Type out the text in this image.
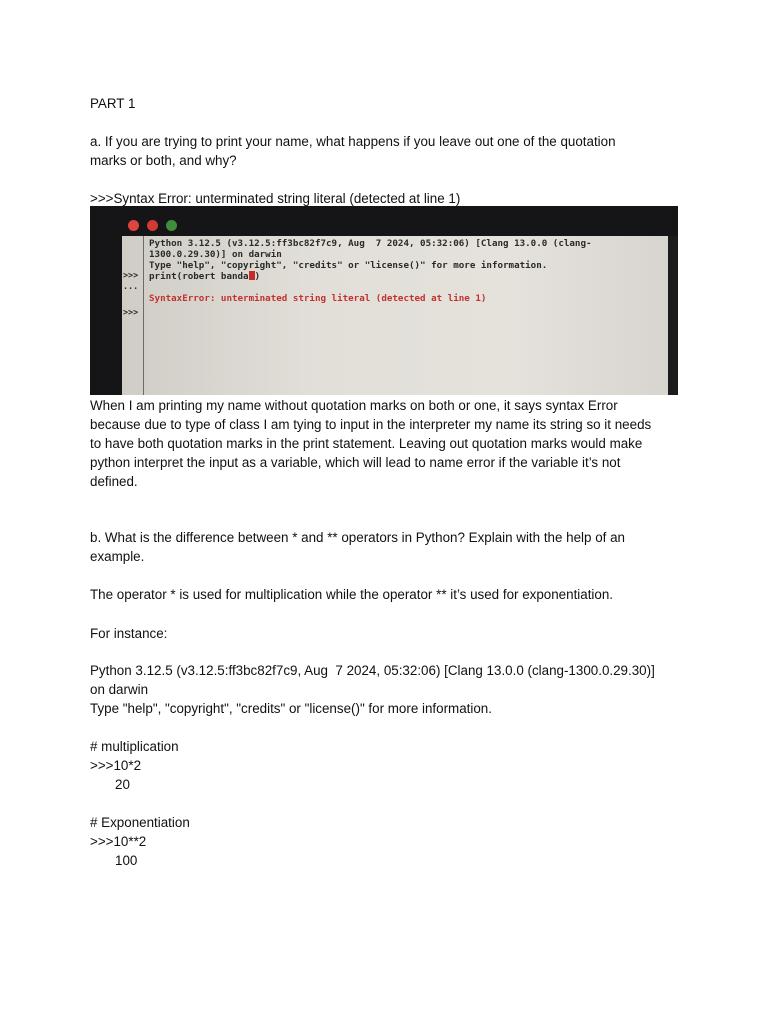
PART 1
a. If you are trying to print your name, what happens if you leave out one of the quotation
marks or both, and why?
>>>Syntax Error: unterminated string literal (detected at line 1)
>>>
...
>>>
Python 3.12.5 (v3.12.5:ff3bc82f7c9, Aug  7 2024, 05:32:06) [Clang 13.0.0 (clang-
1300.0.29.30)] on darwin
Type "help", "copyright", "credits" or "license()" for more information.
print(robert banda )
SyntaxError: unterminated string literal (detected at line 1)
When I am printing my name without quotation marks on both or one, it says syntax Error
because due to type of class I am tying to input in the interpreter my name its string so it needs
to have both quotation marks in the print statement. Leaving out quotation marks would make
python interpret the input as a variable, which will lead to name error if the variable it’s not
defined.
b. What is the difference between * and ** operators in Python? Explain with the help of an
example.
The operator * is used for multiplication while the operator ** it’s used for exponentiation.
For instance:
Python 3.12.5 (v3.12.5:ff3bc82f7c9, Aug  7 2024, 05:32:06) [Clang 13.0.0 (clang-1300.0.29.30)]
on darwin
Type "help", "copyright", "credits" or "license()" for more information.
# multiplication
>>>10*2
20
# Exponentiation
>>>10**2
100
